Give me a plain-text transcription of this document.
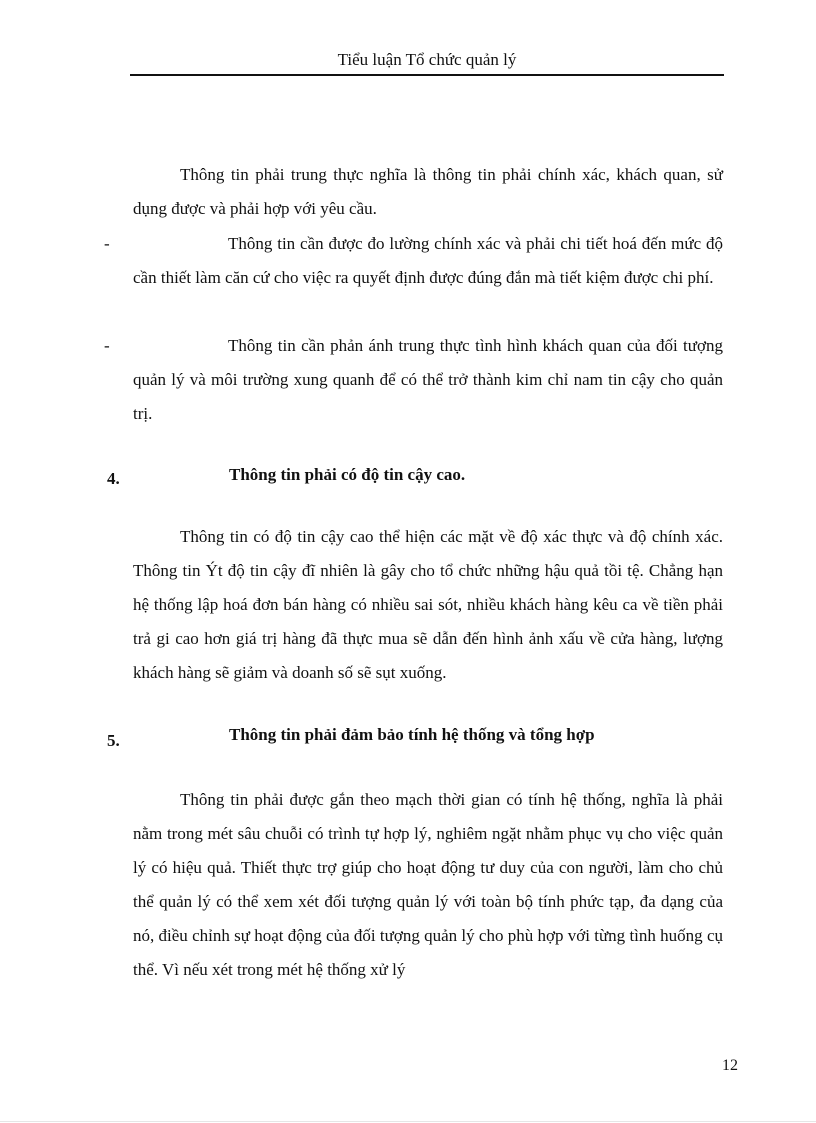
Tiểu luận Tổ chức quản lý

Thông tin phải trung thực nghĩa là thông tin phải chính xác, khách quan, sử dụng được và phải hợp với yêu cầu.

-	Thông tin cần được đo lường chính xác và phải chi tiết hoá đến mức độ cần thiết làm căn cứ cho việc ra quyết định được đúng đắn mà tiết kiệm được chi phí.

-	Thông tin cần phản ánh trung thực tình hình khách quan của đối tượng quản lý và môi trường xung quanh để có thể trở thành kim chỉ nam tin cậy cho quản trị.

4.	Thông tin phải có độ tin cậy cao.

Thông tin có độ tin cậy cao thể hiện các mặt về độ xác thực và độ chính xác. Thông tin Ýt độ tin cậy đĩ nhiên là gây cho tổ chức những hậu quả tồi tệ. Chẳng hạn hệ thống lập hoá đơn bán hàng có nhiều sai sót, nhiều khách hàng kêu ca về tiền phải trả gi cao hơn giá trị hàng đã thực mua sẽ dẫn đến hình ảnh xấu về cửa hàng, lượng khách hàng sẽ giảm và doanh số sẽ sụt xuống.

5.	Thông tin phải đảm bảo tính hệ thống và tổng hợp

Thông tin phải được gắn theo mạch thời gian có tính hệ thống, nghĩa là phải nằm trong mét sâu chuỗi có trình tự hợp lý, nghiêm ngặt nhằm phục vụ cho việc quản lý có hiệu quả. Thiết thực trợ giúp cho hoạt động tư duy của con người, làm cho chủ thể quản lý có thể xem xét đối tượng quản lý với toàn bộ tính phức tạp, đa dạng của nó, điều chỉnh sự hoạt động của đối tượng quản lý cho phù hợp với từng tình huống cụ thể. Vì nếu xét trong mét hệ thống xử lý

12
